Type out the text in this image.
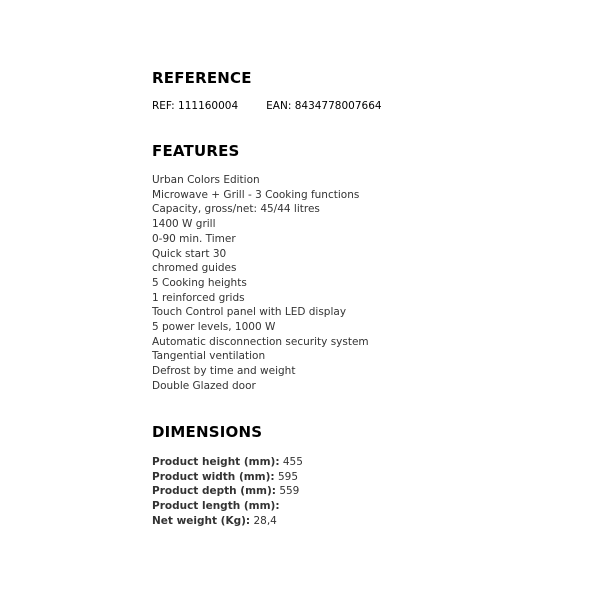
REFERENCE
REF: 111160004	EAN: 8434778007664
FEATURES
Urban Colors Edition
Microwave + Grill - 3 Cooking functions
Capacity, gross/net: 45/44 litres
1400 W grill
0-90 min. Timer
Quick start 30
chromed guides
5 Cooking heights
1 reinforced grids
Touch Control panel with LED display
5 power levels, 1000 W
Automatic disconnection security system
Tangential ventilation
Defrost by time and weight
Double Glazed door
DIMENSIONS
Product height (mm): 455
Product width (mm): 595
Product depth (mm): 559
Product length (mm):
Net weight (Kg): 28,4
